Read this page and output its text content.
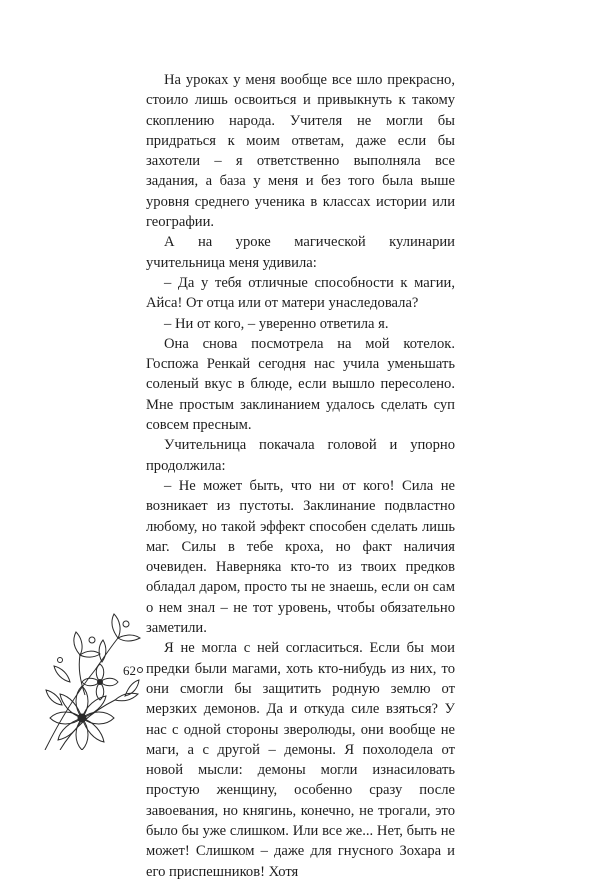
На уроках у меня вообще все шло прекрасно, стоило лишь освоиться и привыкнуть к такому скоплению народа. Учителя не могли бы придраться к моим ответам, даже если бы захотели – я ответственно выполняла все задания, а база у меня и без того была выше уровня среднего ученика в классах истории или географии.

А на уроке магической кулинарии учительница меня удивила:

– Да у тебя отличные способности к магии, Айса! От отца или от матери унаследовала?

– Ни от кого, – уверенно ответила я.

Она снова посмотрела на мой котелок. Госпожа Ренкай сегодня нас учила уменьшать соленый вкус в блюде, если вышло пересолено. Мне простым заклинанием удалось сделать суп совсем пресным.

Учительница покачала головой и упорно продолжила:

– Не может быть, что ни от кого! Сила не возникает из пустоты. Заклинание подвластно любому, но такой эффект способен сделать лишь маг. Силы в тебе кроха, но факт наличия очевиден. Наверняка кто-то из твоих предков обладал даром, просто ты не знаешь, если он сам о нем знал – не тот уровень, чтобы обязательно заметили.

Я не могла с ней согласиться. Если бы мои предки были магами, хоть кто-нибудь из них, то они смогли бы защитить родную землю от мерзких демонов. Да и откуда силе взяться? У нас с одной стороны зверолюды, они вообще не маги, а с другой – демоны. Я похолодела от новой мысли: демоны могли изнасиловать простую женщину, особенно сразу после завоевания, но княгинь, конечно, не трогали, это было бы уже слишком. Или все же... Нет, быть не может! Слишком – даже для гнусного Зохара и его приспешников! Хотя

62
